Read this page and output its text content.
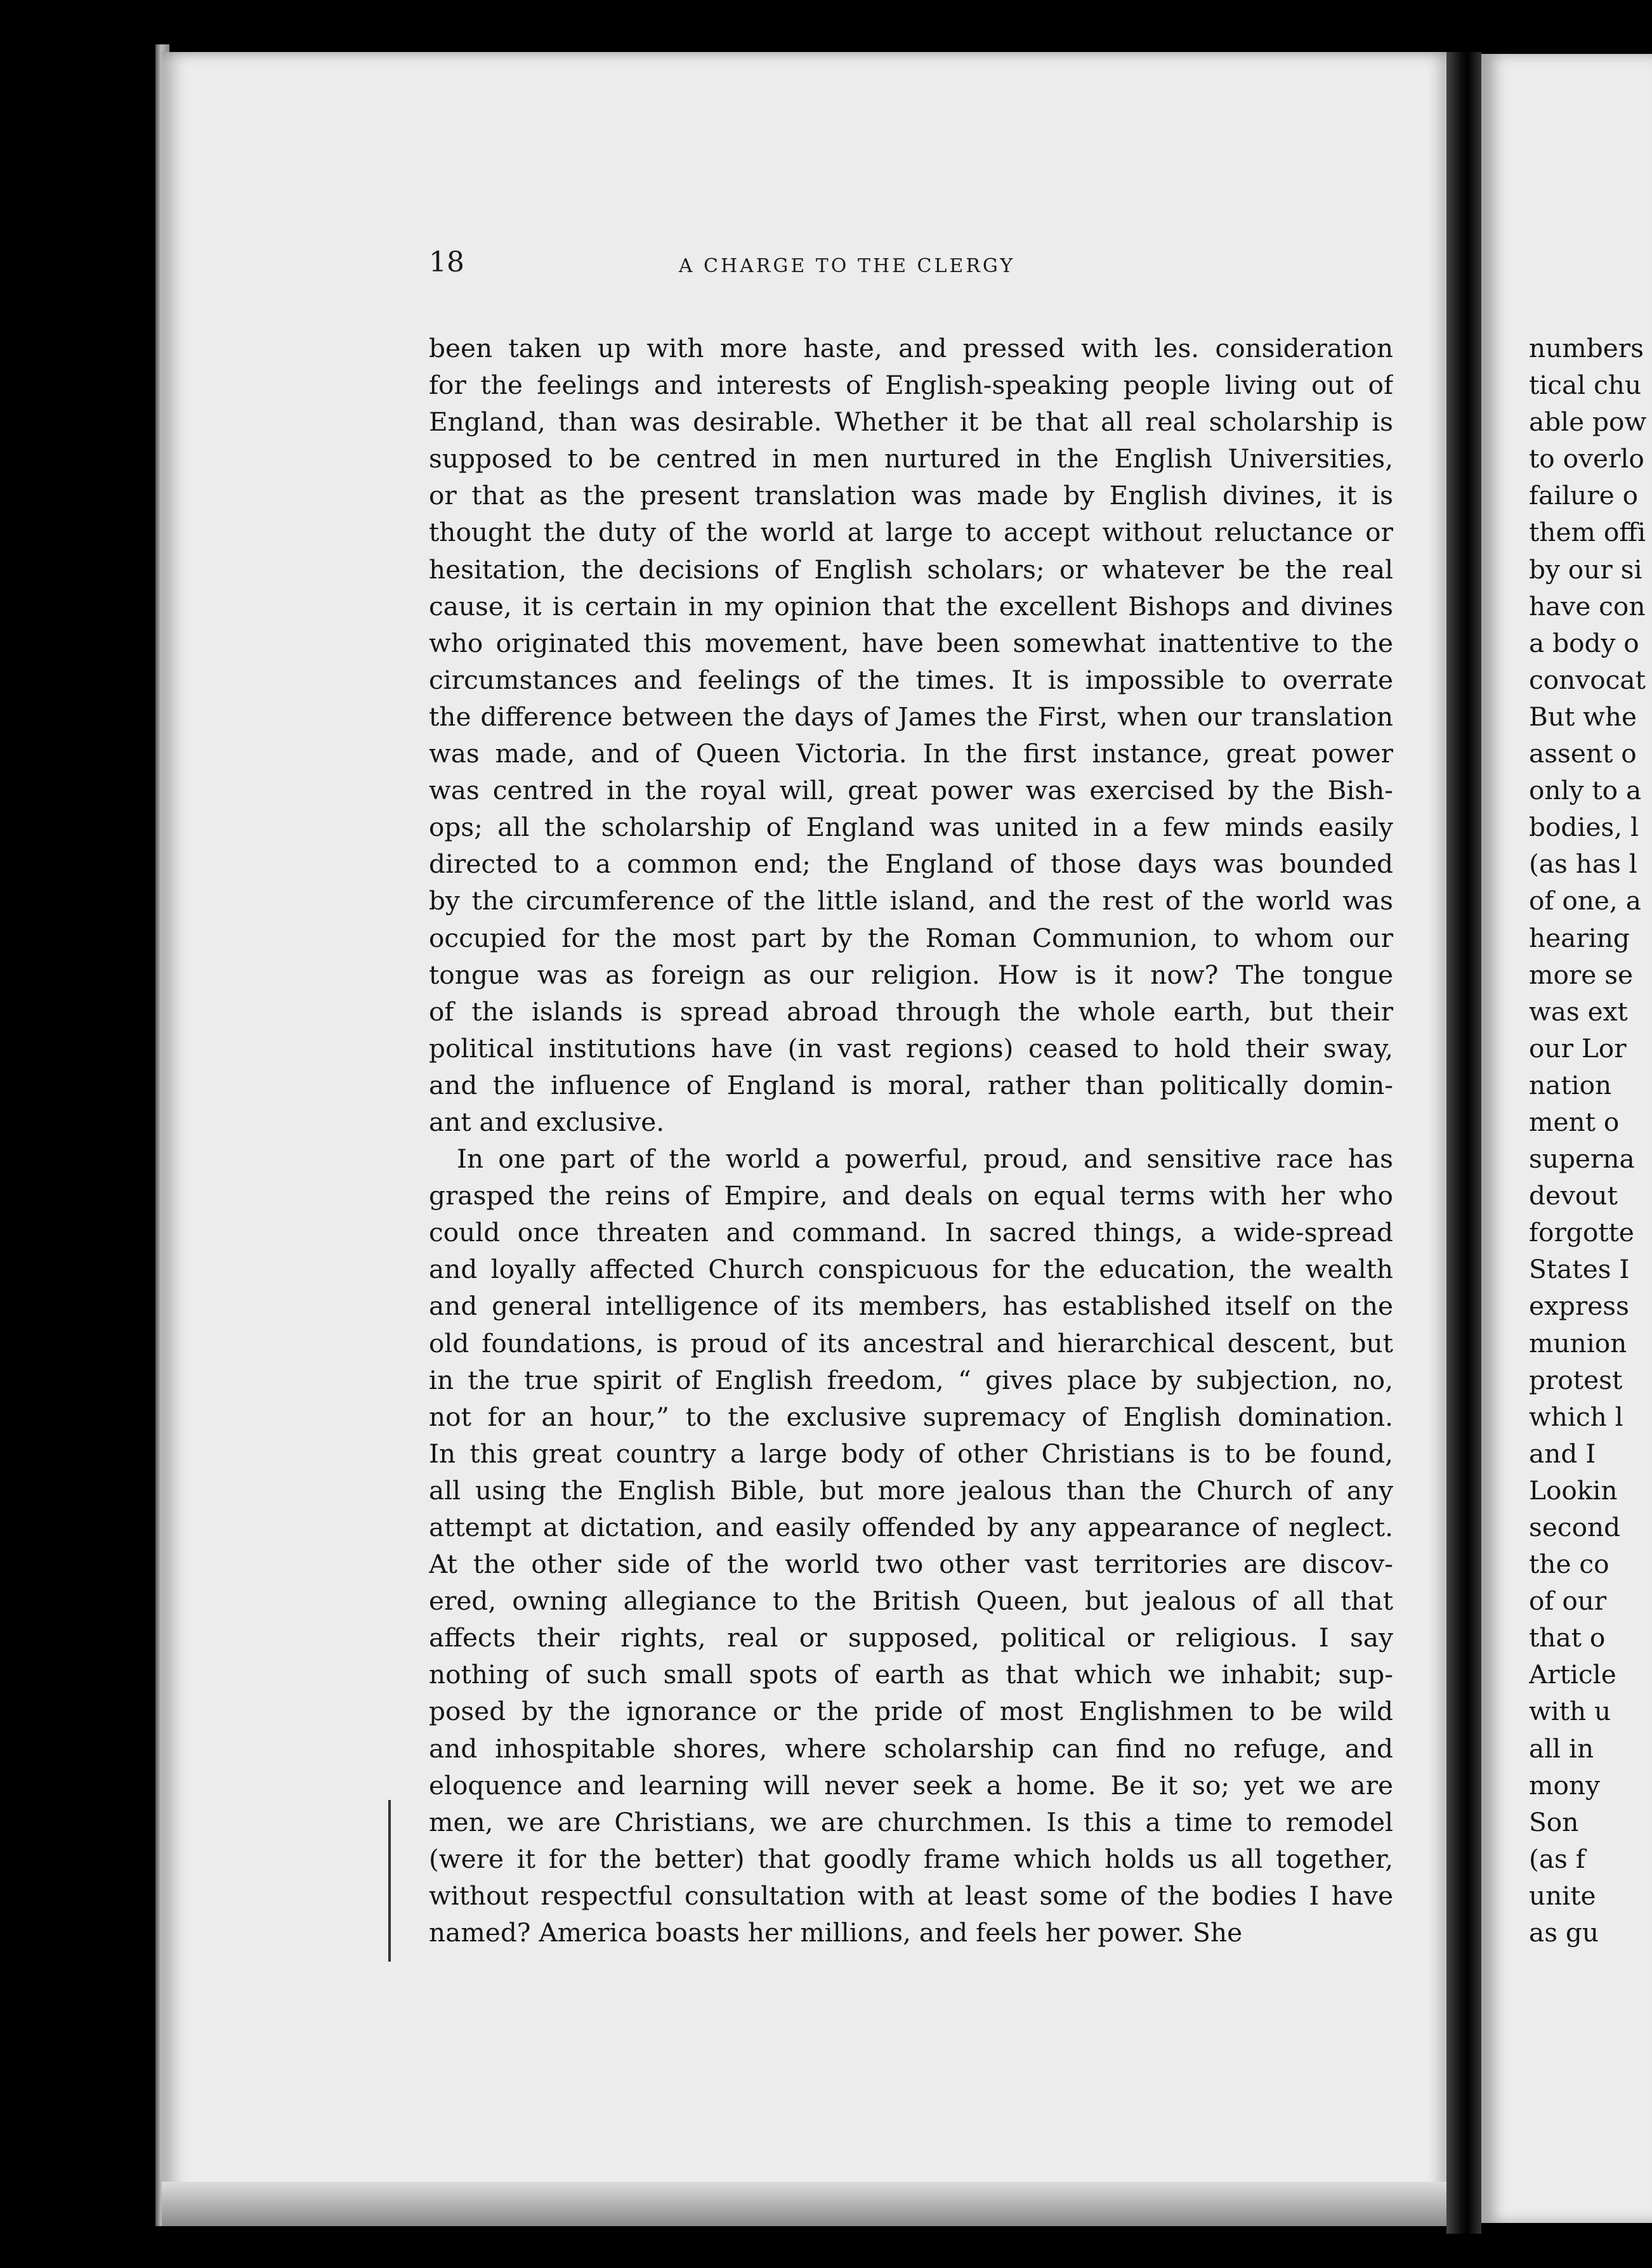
18	A CHARGE TO THE CLERGY

been taken up with more haste, and pressed with les. consideration
for the feelings and interests of English-speaking people living out of
England, than was desirable. Whether it be that all real scholarship is
supposed to be centred in men nurtured in the English Universities,
or that as the present translation was made by English divines, it is
thought the duty of the world at large to accept without reluctance or
hesitation, the decisions of English scholars; or whatever be the real
cause, it is certain in my opinion that the excellent Bishops and divines
who originated this movement, have been somewhat inattentive to the
circumstances and feelings of the times. It is impossible to overrate
the difference between the days of James the First, when our translation
was made, and of Queen Victoria. In the first instance, great power
was centred in the royal will, great power was exercised by the Bish-
ops; all the scholarship of England was united in a few minds easily
directed to a common end; the England of those days was bounded
by the circumference of the little island, and the rest of the world was
occupied for the most part by the Roman Communion, to whom our
tongue was as foreign as our religion. How is it now? The tongue
of the islands is spread abroad through the whole earth, but their
political institutions have (in vast regions) ceased to hold their sway,
and the influence of England is moral, rather than politically domin-
ant and exclusive.

In one part of the world a powerful, proud, and sensitive race has
grasped the reins of Empire, and deals on equal terms with her who
could once threaten and command. In sacred things, a wide-spread
and loyally affected Church conspicuous for the education, the wealth
and general intelligence of its members, has established itself on the
old foundations, is proud of its ancestral and hierarchical descent, but
in the true spirit of English freedom, “ gives place by subjection, no,
not for an hour,” to the exclusive supremacy of English domination.
In this great country a large body of other Christians is to be found,
all using the English Bible, but more jealous than the Church of any
attempt at dictation, and easily offended by any appearance of neglect.
At the other side of the world two other vast territories are discov-
ered, owning allegiance to the British Queen, but jealous of all that
affects their rights, real or supposed, political or religious. I say
nothing of such small spots of earth as that which we inhabit; sup-
posed by the ignorance or the pride of most Englishmen to be wild
and inhospitable shores, where scholarship can find no refuge, and
eloquence and learning will never seek a home. Be it so; yet we are
men, we are Christians, we are churchmen. Is this a time to remodel
(were it for the better) that goodly frame which holds us all together,
without respectful consultation with at least some of the bodies I have
named? America boasts her millions, and feels her power. She

numbers
tical chu
able pow
to overlo
failure o
them offi
by our si
have con
a body o
convocat
But whe
assent o
only to a
bodies, l
(as has l
of one, a
hearing
more se
was ext
our Lor
nation
ment o
superna
devout
forgotte
States I
express
munion
protest
which l
and I
Lookin
second
the co
of our
that o
Article
with u
all in
mony
Son
(as f
unite
as gu
